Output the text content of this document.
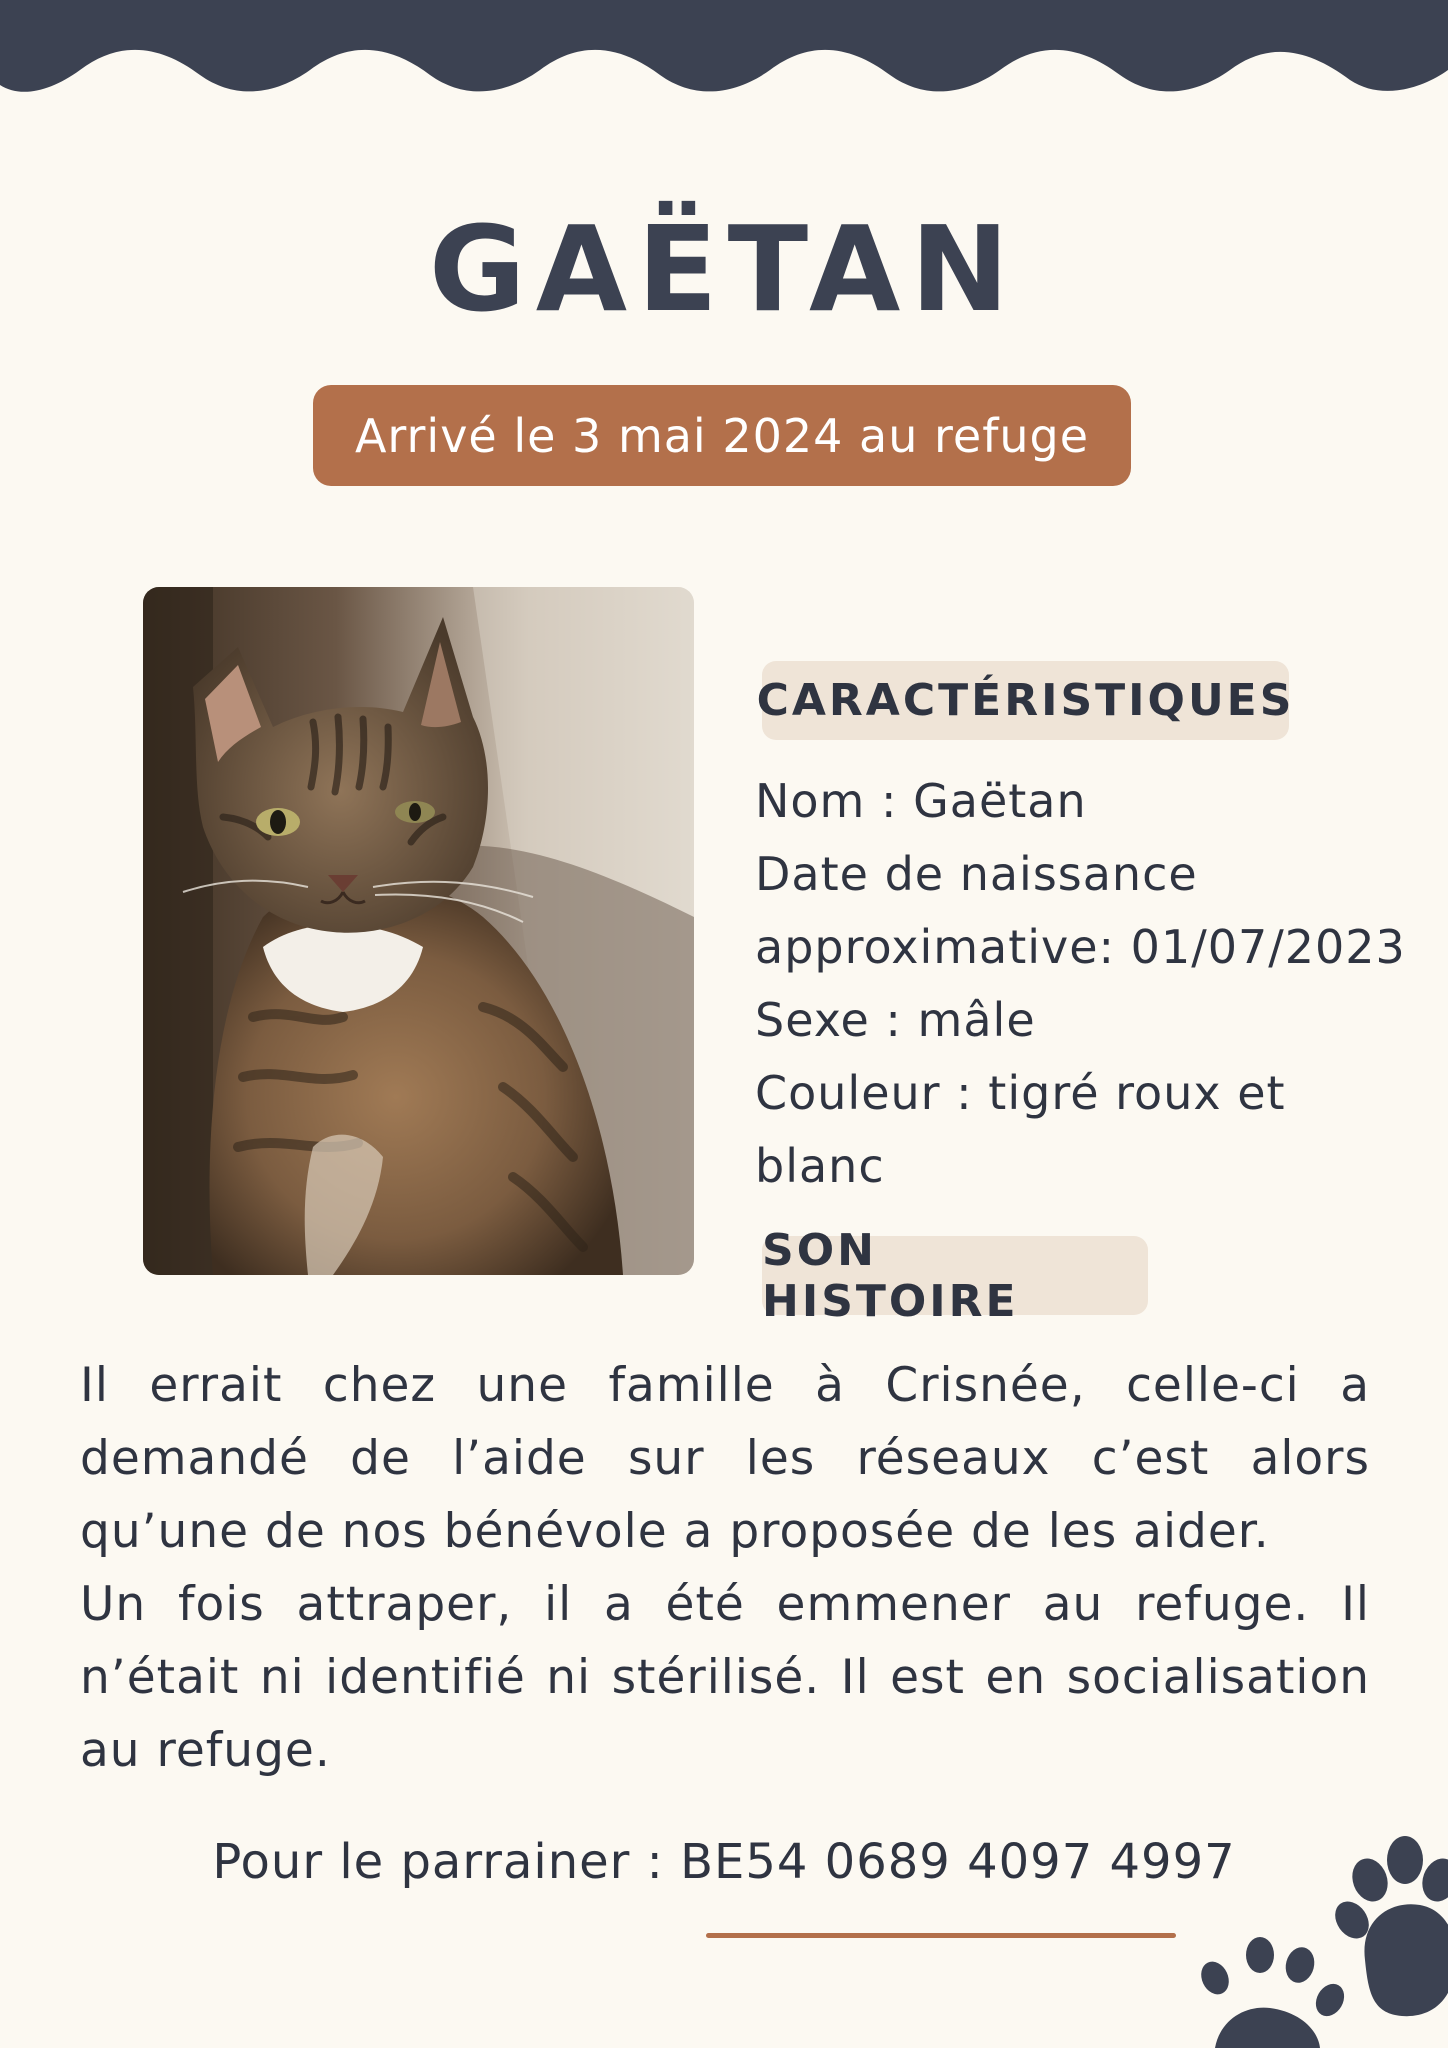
GAËTAN
Arrivé le 3 mai 2024 au refuge
CARACTÉRISTIQUES
Nom : Gaëtan
Date de naissance
approximative: 01/07/2023
Sexe : mâle
Couleur : tigré roux et
blanc
SON HISTOIRE

Il errait chez une famille à Crisnée, celle-ci a demandé de l’aide sur les réseaux c’est alors qu’une de nos bénévole a proposée de les aider.

Un fois attraper, il a été emmener au refuge. Il n’était ni identifié ni stérilisé. Il est en socialisation au refuge.

Pour le parrainer : BE54 0689 4097 4997
